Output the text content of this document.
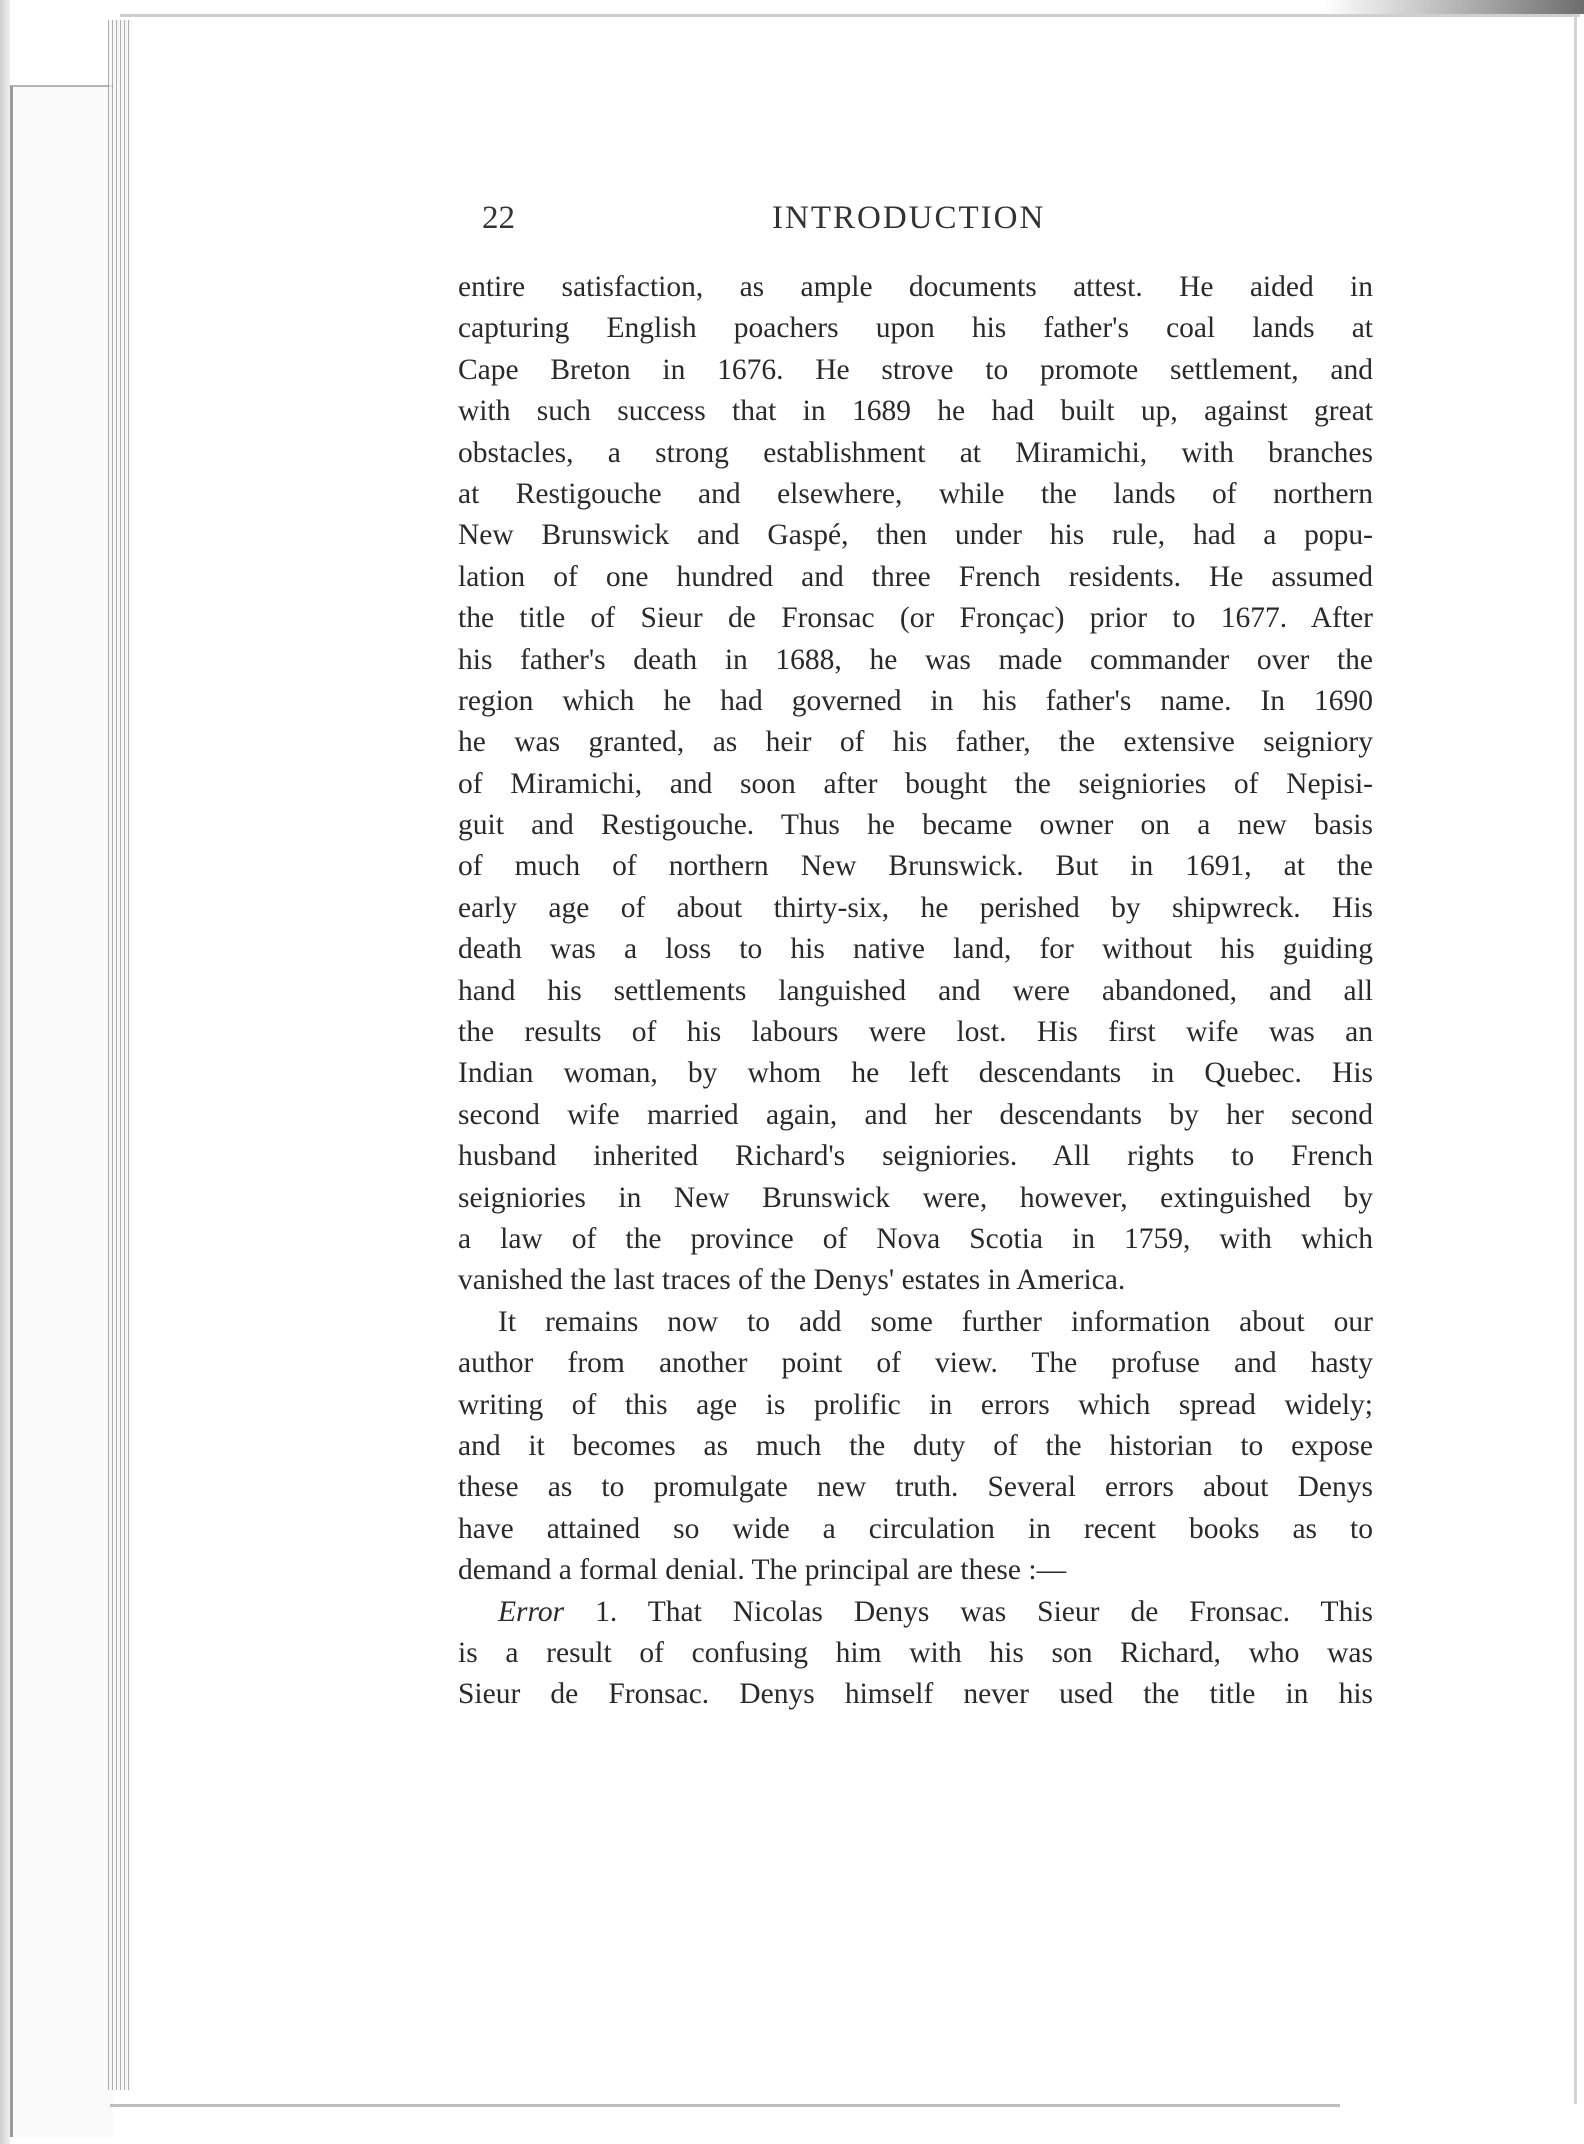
22	INTRODUCTION
entire satisfaction, as ample documents attest. He aided in
capturing English poachers upon his father's coal lands at
Cape Breton in 1676. He strove to promote settlement, and
with such success that in 1689 he had built up, against great
obstacles, a strong establishment at Miramichi, with branches
at Restigouche and elsewhere, while the lands of northern
New Brunswick and Gaspé, then under his rule, had a popu-
lation of one hundred and three French residents. He assumed
the title of Sieur de Fronsac (or Fronçac) prior to 1677. After
his father's death in 1688, he was made commander over the
region which he had governed in his father's name. In 1690
he was granted, as heir of his father, the extensive seigniory
of Miramichi, and soon after bought the seigniories of Nepisi-
guit and Restigouche. Thus he became owner on a new basis
of much of northern New Brunswick. But in 1691, at the
early age of about thirty-six, he perished by shipwreck. His
death was a loss to his native land, for without his guiding
hand his settlements languished and were abandoned, and all
the results of his labours were lost. His first wife was an
Indian woman, by whom he left descendants in Quebec. His
second wife married again, and her descendants by her second
husband inherited Richard's seigniories. All rights to French
seigniories in New Brunswick were, however, extinguished by
a law of the province of Nova Scotia in 1759, with which
vanished the last traces of the Denys' estates in America.
It remains now to add some further information about our
author from another point of view. The profuse and hasty
writing of this age is prolific in errors which spread widely;
and it becomes as much the duty of the historian to expose
these as to promulgate new truth. Several errors about Denys
have attained so wide a circulation in recent books as to
demand a formal denial. The principal are these :—
Error 1. That Nicolas Denys was Sieur de Fronsac. This
is a result of confusing him with his son Richard, who was
Sieur de Fronsac. Denys himself never used the title in his
